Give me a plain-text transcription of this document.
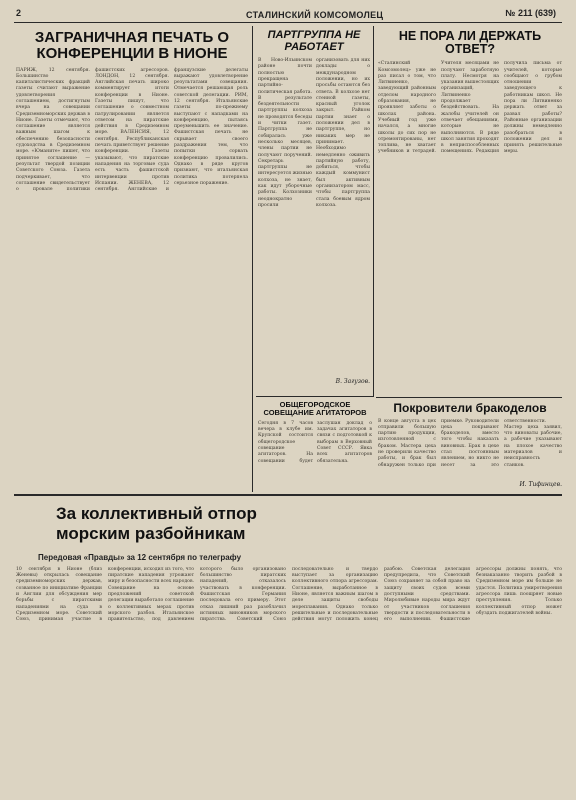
2	СТАЛИНСКИЙ КОМСОМОЛЕЦ	№ 211 (639)
ЗАГРАНИЧНАЯ ПЕЧАТЬ О КОНФЕРЕНЦИИ В НИОНЕ
ПАРИЖ, 12 сентября. Большинство капиталистических фракций газеты считают выражение удовлетворения соглашением, достигнутым вчера на совещании Средиземноморских держав в Нионе. Газеты отмечают, что соглашение является важным шагом к обеспечению безопасности судоходства в Средиземном море. «Юманите» пишет, что принятое соглашение — результат твердой позиции Советского Союза. Газета подчеркивает, что соглашение свидетельствует о провале политики фашистских агрессоров. ЛОНДОН, 12 сентября. Английская печать широко комментирует итоги конференции в Нионе. Газеты пишут, что соглашение о совместном патрулировании является ответом на пиратские действия в Средиземном море. ВАЛЕНСИЯ, 12 сентября. Республиканская печать приветствует решение конференции. Газеты указывают, что пиратские нападения на торговые суда есть часть фашистской интервенции против Испании. ЖЕНЕВА, 12 сентября. Английские и французские делегаты выражают удовлетворение результатами совещания. Отмечается решающая роль советской делегации. РИМ, 12 сентября. Итальянские газеты по-прежнему выступают с нападками на конференцию, пытаясь преуменьшить ее значение. Фашистская печать не скрывает своего раздражения тем, что попытки сорвать конференцию провалились. Однако в ряде кругов признают, что итальянская политика потерпела серьезное поражение.
ПАРТГРУППА НЕ РАБОТАЕТ
В Ново-Ильинском районе почти полностью прекращена партийно-политическая работа. В результате бездеятельности партгруппы колхоза не проводятся беседы и читки газет. Партгруппа не собиралась уже несколько месяцев, члены партии не получают поручений. Секретарь партгруппы не интересуется жизнью колхоза, не знает, как идут уборочные работы. Колхозники неоднократно просили организовать для них доклады о международном положении, но их просьбы остаются без ответа. В колхозе нет стенной газеты, красный уголок закрыт. Райком партии знает о положении дел в партгруппе, но никаких мер не принимает. Необходимо немедленно оживить партийную работу, добиться, чтобы каждый коммунист был активным организатором масс, чтобы партгруппа стала боевым ядром колхоза.
В. Загузов.
НЕ ПОРА ЛИ ДЕРЖАТЬ ОТВЕТ?
«Сталинский Комсомолец» уже не раз писал о том, что Литвиненко, заведующий районным отделом народного образования, не проявляет заботы о школах района. Учебный год уже начался, а многие школы до сих пор не отремонтированы, нет топлива, не хватает учебников и тетрадей. Учителя месяцами не получают заработную плату. Несмотря на указания вышестоящих организаций, Литвиненко продолжает бездействовать. На жалобы учителей он отвечает обещаниями, которые не выполняются. В ряде школ занятия проходят в неприспособленных помещениях. Редакция получила письма от учителей, которые сообщают о грубом отношении заведующего к работникам школ. Не пора ли Литвиненко держать ответ за развал работы? Районные организации должны немедленно разобраться в положении дел и принять решительные меры.
ОБЩЕГОРОДСКОЕ СОВЕЩАНИЕ АГИТАТОРОВ
Сегодня в 7 часов вечера в клубе им. Крупской состоится общегородское совещание агитаторов. На совещании будет заслушан доклад о задачах агитаторов в связи с подготовкой к выборам в Верховный Совет СССР. Явка всех агитаторов обязательна.
Покровители бракоделов
В конце августа в цех отправили большую партию продукции, изготовленной с браком. Мастера цеха не проверили качество работы, и брак был обнаружен только при приемке. Руководители цеха покрывают бракоделов, вместо того чтобы наказать виновных. Брак в цехе стал постоянным явлением, но никто не несет за это ответственности. Мастер цеха заявил, что виноваты рабочие, а рабочие указывают на плохое качество материалов и неисправность станков.
И. Тифинцев.
За коллективный отпор морским разбойникам
Передовая «Правды» за 12 сентября по телеграфу
10 сентября в Нионе (близ Женевы) открылась совещание средиземноморских держав, созванное по инициативе Франции и Англии для обсуждения мер борьбы с пиратскими нападениями на суда в Средиземном море. Советский Союз, принимая участие в конференции, исходил из того, что пиратские нападения угрожают миру и безопасности всех народов. Совещание на основе предложений советской делегации выработало соглашение о коллективных мерах против морского разбоя. Итальянское правительство, под давлением которого было организовано большинство пиратских нападений, отказалось участвовать в конференции. Фашистская Германия последовала его примеру. Этот отказ лишний раз разоблачил истинных виновников морского пиратства. Советский Союз последовательно и твердо выступает за организацию коллективного отпора агрессорам. Соглашение, выработанное в Нионе, является важным шагом в деле защиты свободы мореплавания. Однако только решительные и последовательные действия могут положить конец разбою. Советская делегация предупредила, что Советский Союз сохраняет за собой право на защиту своих судов всеми доступными средствами. Миролюбивые народы мира ждут от участников соглашения твердости и последовательности в его выполнении. Фашистские агрессоры должны понять, что безнаказанно творить разбой в Средиземном море им больше не удастся. Политика умиротворения агрессора лишь поощряет новые преступления. Только коллективный отпор может обуздать поджигателей войны.
